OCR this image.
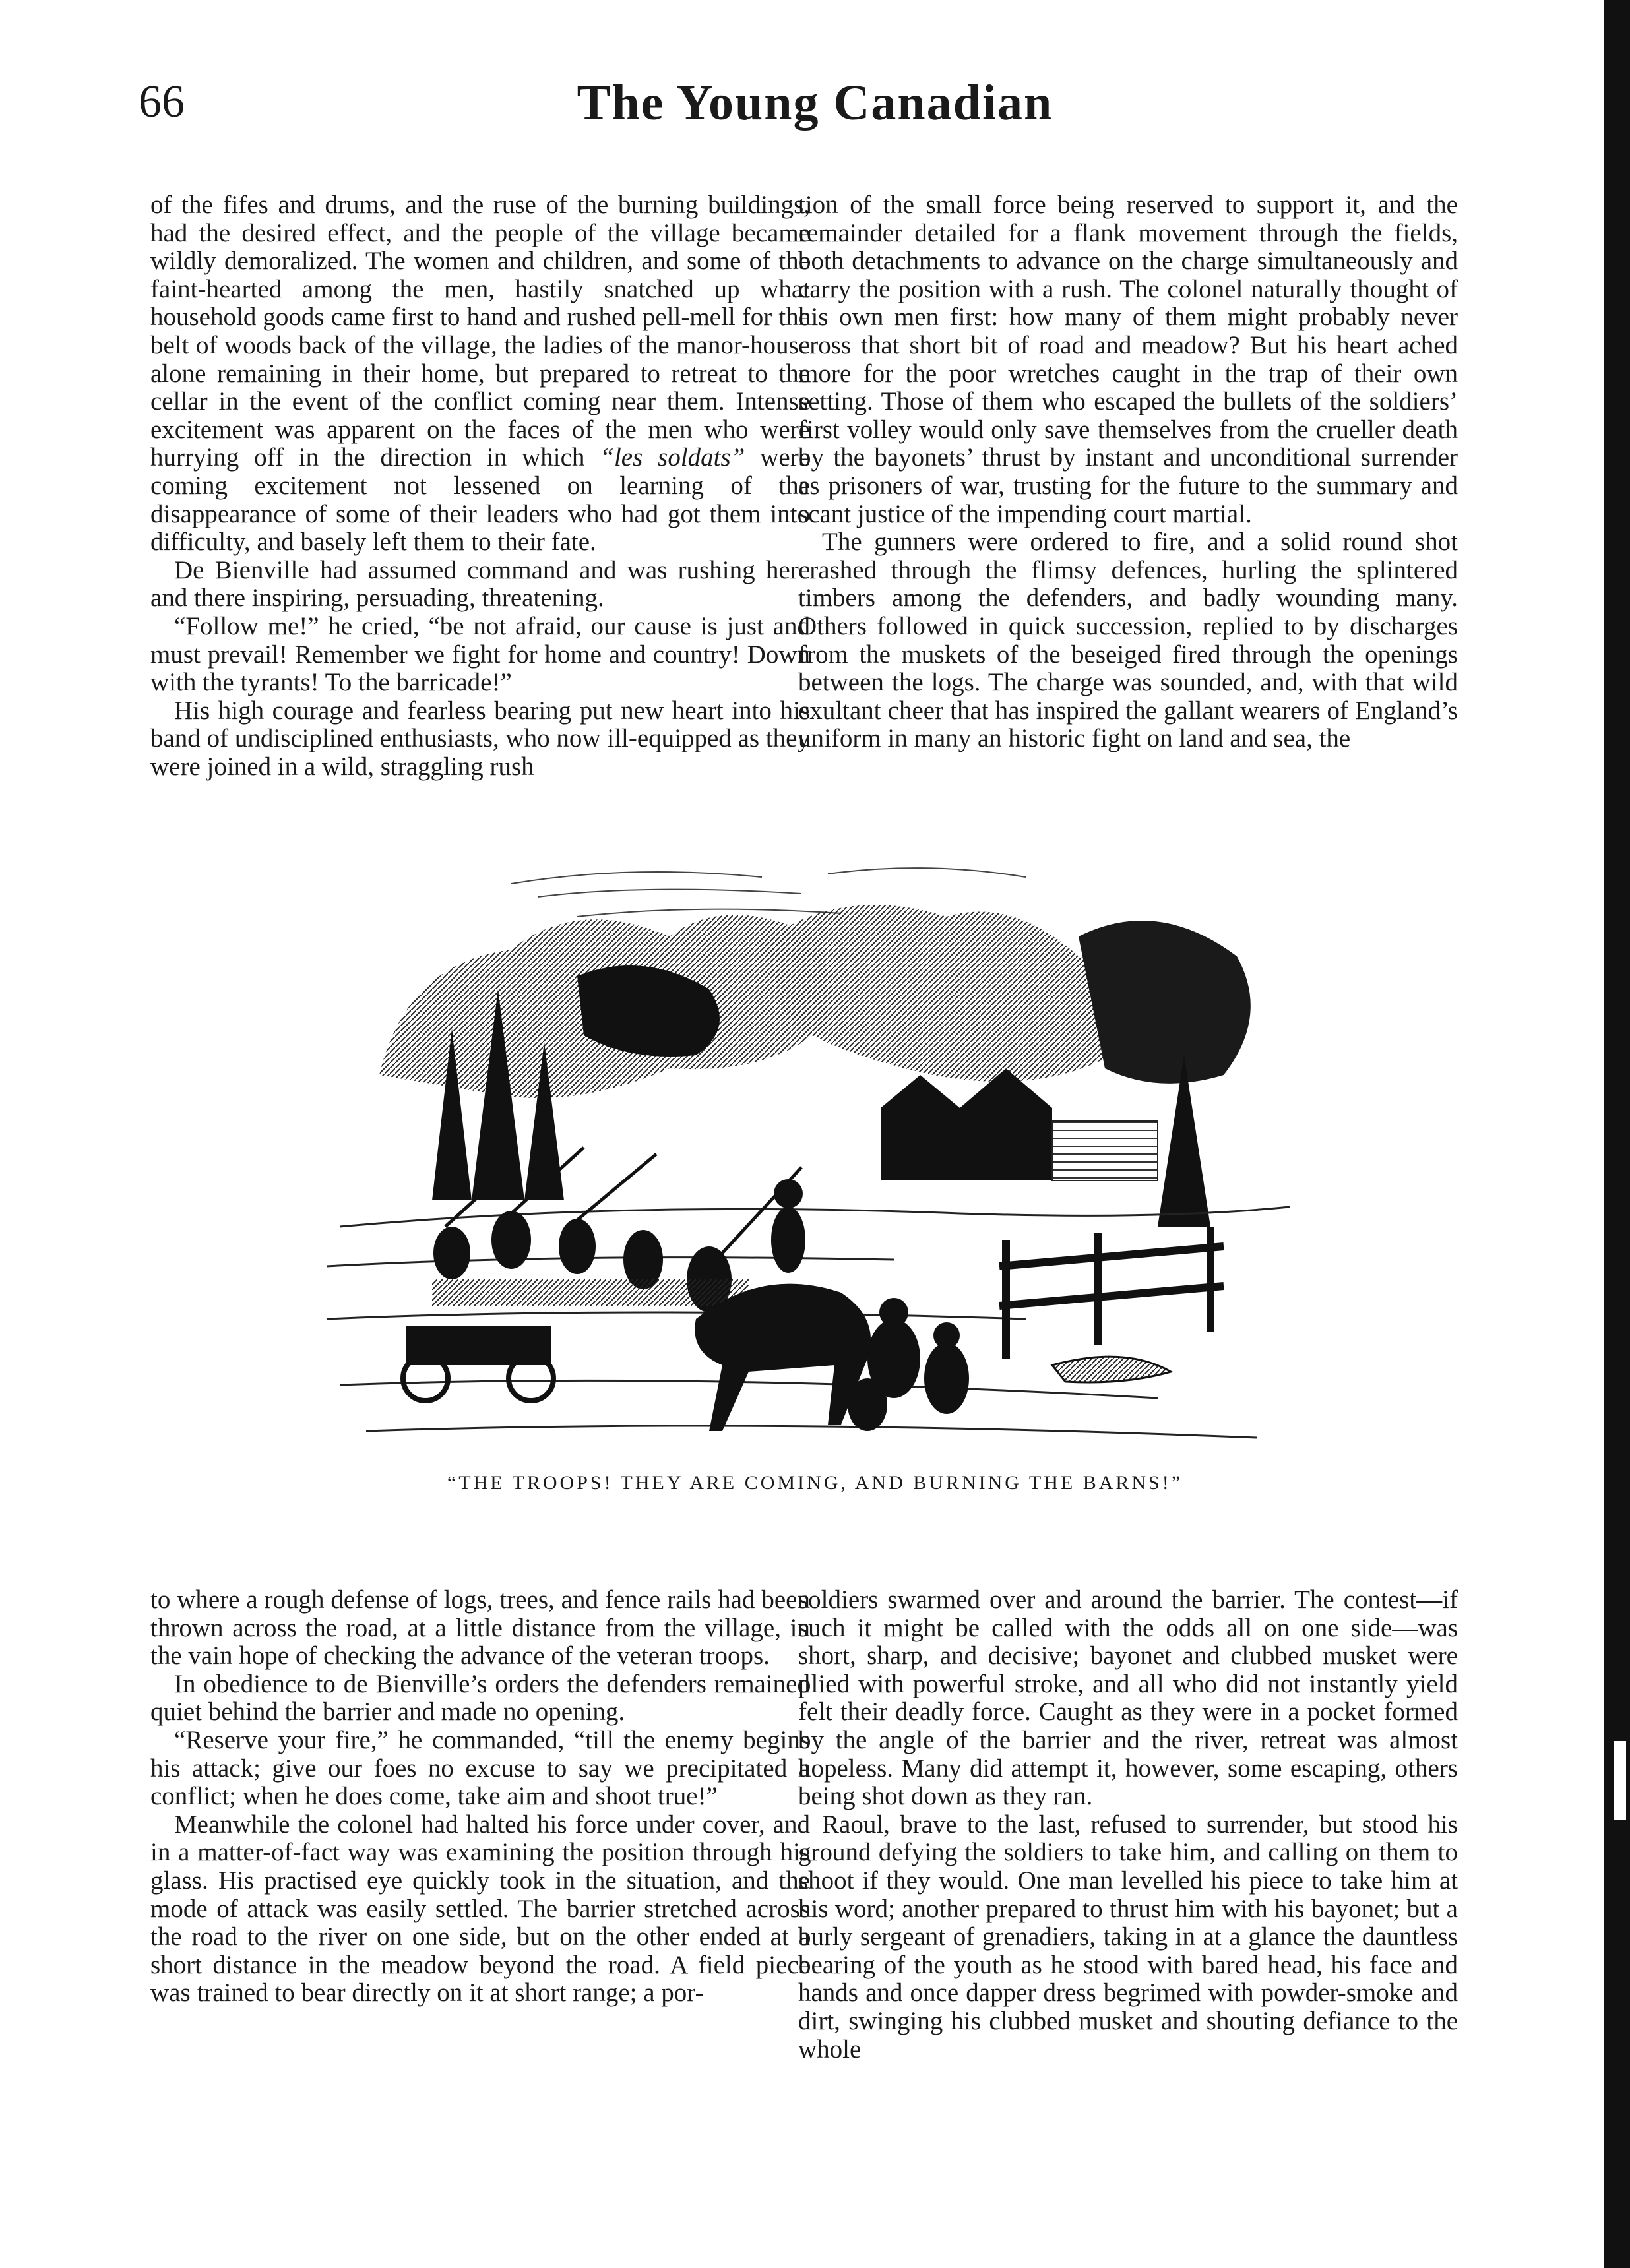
66	The Young Canadian

of the fifes and drums, and the ruse of the burning buildings, had the desired effect, and the people of the village became wildly demoralized. The women and children, and some of the faint-hearted among the men, hastily snatched up what household goods came first to hand and rushed pell-mell for the belt of woods back of the village, the ladies of the manor-house alone remaining in their home, but prepared to retreat to the cellar in the event of the conflict coming near them. Intense excitement was apparent on the faces of the men who were hurrying off in the direction in which “les soldats” were coming excitement not lessened on learning of the disappearance of some of their leaders who had got them into difficulty, and basely left them to their fate.

De Bienville had assumed command and was rushing here and there inspiring, persuading, threatening.

“Follow me!” he cried, “be not afraid, our cause is just and must prevail! Remember we fight for home and country! Down with the tyrants! To the barricade!”

His high courage and fearless bearing put new heart into his band of undisciplined enthusiasts, who now ill-equipped as they were joined in a wild, straggling rush

tion of the small force being reserved to support it, and the remainder detailed for a flank movement through the fields, both detachments to advance on the charge simultaneously and carry the position with a rush. The colonel naturally thought of his own men first: how many of them might probably never cross that short bit of road and meadow? But his heart ached more for the poor wretches caught in the trap of their own setting. Those of them who escaped the bullets of the soldiers’ first volley would only save themselves from the crueller death by the bayonets’ thrust by instant and unconditional surrender as prisoners of war, trusting for the future to the summary and scant justice of the impending court martial.

The gunners were ordered to fire, and a solid round shot crashed through the flimsy defences, hurling the splintered timbers among the defenders, and badly wounding many. Others followed in quick succession, replied to by discharges from the muskets of the beseiged fired through the openings between the logs. The charge was sounded, and, with that wild exultant cheer that has inspired the gallant wearers of England’s uniform in many an historic fight on land and sea, the

“THE TROOPS! THEY ARE COMING, AND BURNING THE BARNS!”

to where a rough defense of logs, trees, and fence rails had been thrown across the road, at a little distance from the village, in the vain hope of checking the advance of the veteran troops.

In obedience to de Bienville’s orders the defenders remained quiet behind the barrier and made no opening.

“Reserve your fire,” he commanded, “till the enemy begins his attack; give our foes no excuse to say we precipitated a conflict; when he does come, take aim and shoot true!”

Meanwhile the colonel had halted his force under cover, and in a matter-of-fact way was examining the position through his glass. His practised eye quickly took in the situation, and the mode of attack was easily settled. The barrier stretched across the road to the river on one side, but on the other ended at a short distance in the meadow beyond the road. A field piece was trained to bear directly on it at short range; a por-

soldiers swarmed over and around the barrier. The contest—if such it might be called with the odds all on one side—was short, sharp, and decisive; bayonet and clubbed musket were plied with powerful stroke, and all who did not instantly yield felt their deadly force. Caught as they were in a pocket formed by the angle of the barrier and the river, retreat was almost hopeless. Many did attempt it, however, some escaping, others being shot down as they ran.

Raoul, brave to the last, refused to surrender, but stood his ground defying the soldiers to take him, and calling on them to shoot if they would. One man levelled his piece to take him at his word; another prepared to thrust him with his bayonet; but a burly sergeant of grenadiers, taking in at a glance the dauntless bearing of the youth as he stood with bared head, his face and hands and once dapper dress begrimed with powder-smoke and dirt, swinging his clubbed musket and shouting defiance to the whole
